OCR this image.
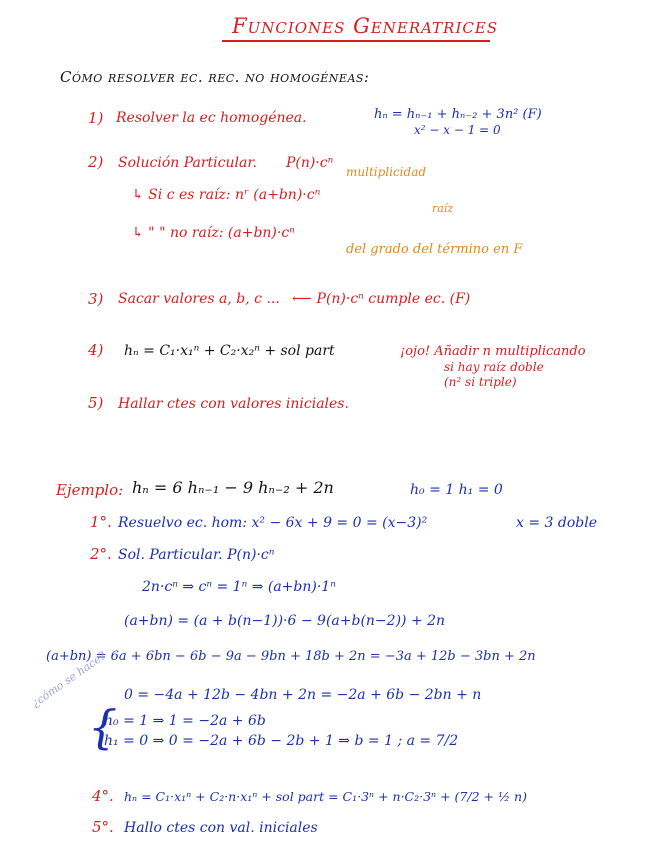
Funciones Generatrices
Cómo resolver ec. rec. no homogéneas:
1) Resolver la ec homogénea.	hₙ = hₙ₋₁ + hₙ₋₂ + 3n² (F)
x² − x − 1 = 0
2) Solución Particular. P(n)·cⁿ
multiplicidad
↳ Si c es raíz: nʳ (a+bn)·cⁿ
raíz
↳ " " no raíz: (a+bn)·cⁿ
del grado del término en F
3) Sacar valores a, b, c ... ⟵ P(n)·cⁿ cumple ec. (F)
4) hₙ = C₁·x₁ⁿ + C₂·x₂ⁿ + sol part	¡ojo! Añadir n multiplicando
si hay raíz doble
(n² si triple)
5) Hallar ctes con valores iniciales.
Ejemplo: hₙ = 6 hₙ₋₁ − 9 hₙ₋₂ + 2n	h₀ = 1 h₁ = 0
1°. Resuelvo ec. hom: x² − 6x + 9 = 0 = (x−3)²	x = 3 doble
2°. Sol. Particular. P(n)·cⁿ
2n·cⁿ ⇒ cⁿ = 1ⁿ ⇒ (a+bn)·1ⁿ
(a+bn) = (a + b(n−1))·6 − 9(a+b(n−2)) + 2n
(a+bn) = 6a + 6bn − 6b − 9a − 9bn + 18b + 2n = −3a + 12b − 3bn + 2n
¿cómo se hace? 0 = −4a + 12b − 4bn + 2n = −2a + 6b − 2bn + n
{
h₀ = 1 ⇒ 1 = −2a + 6b
h₁ = 0 ⇒ 0 = −2a + 6b − 2b + 1 ⇒ b = 1 ; a = 7/2
4°. hₙ = C₁·x₁ⁿ + C₂·n·x₁ⁿ + sol part = C₁·3ⁿ + n·C₂·3ⁿ + (7/2 + ½ n)
5°. Hallo ctes con val. iniciales
